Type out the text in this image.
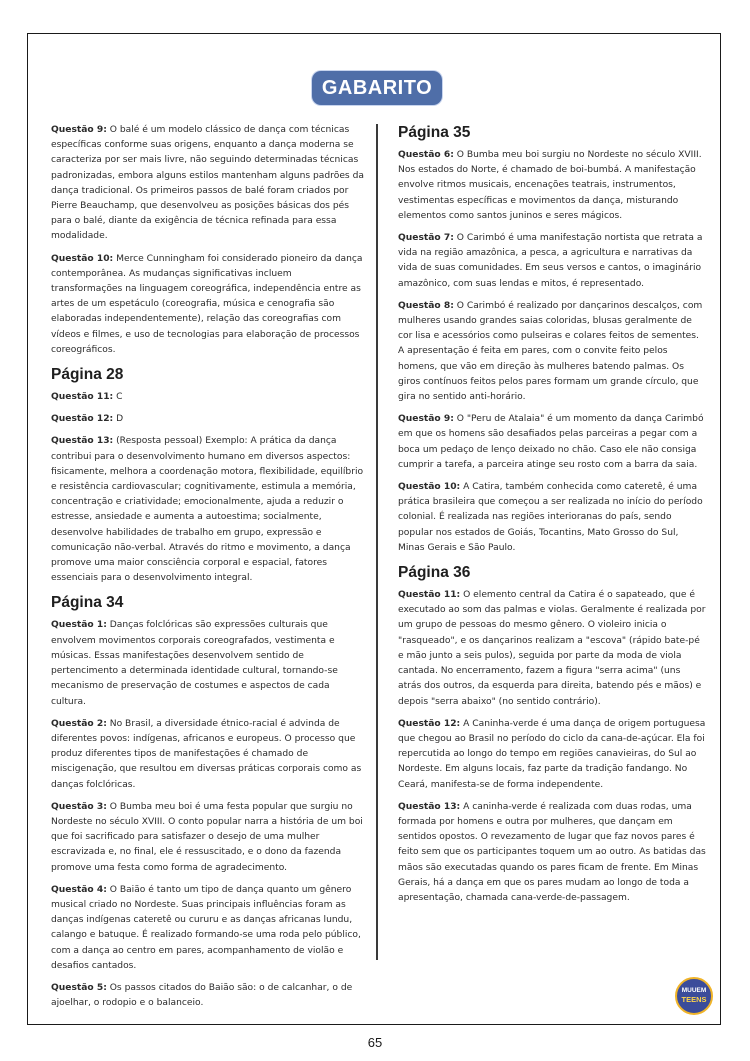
GABARITO

Questão 9: O balé é um modelo clássico de dança com técnicas específicas conforme suas origens, enquanto a dança moderna se caracteriza por ser mais livre, não seguindo determinadas técnicas padronizadas, embora alguns estilos mantenham alguns padrões da dança tradicional. Os primeiros passos de balé foram criados por Pierre Beauchamp, que desenvolveu as posições básicas dos pés para o balé, diante da exigência de técnica refinada para essa modalidade.

Questão 10: Merce Cunningham foi considerado pioneiro da dança contemporânea. As mudanças significativas incluem transformações na linguagem coreográfica, independência entre as artes de um espetáculo (coreografia, música e cenografia são elaboradas independentemente), relação das coreografias com vídeos e filmes, e uso de tecnologias para elaboração de processos coreográficos.

Página 28

Questão 11: C

Questão 12: D

Questão 13: (Resposta pessoal) Exemplo: A prática da dança contribui para o desenvolvimento humano em diversos aspectos: fisicamente, melhora a coordenação motora, flexibilidade, equilíbrio e resistência cardiovascular; cognitivamente, estimula a memória, concentração e criatividade; emocionalmente, ajuda a reduzir o estresse, ansiedade e aumenta a autoestima; socialmente, desenvolve habilidades de trabalho em grupo, expressão e comunicação não-verbal. Através do ritmo e movimento, a dança promove uma maior consciência corporal e espacial, fatores essenciais para o desenvolvimento integral.

Página 34

Questão 1: Danças folclóricas são expressões culturais que envolvem movimentos corporais coreografados, vestimenta e músicas. Essas manifestações desenvolvem sentido de pertencimento a determinada identidade cultural, tornando-se mecanismo de preservação de costumes e aspectos de cada cultura.

Questão 2: No Brasil, a diversidade étnico-racial é advinda de diferentes povos: indígenas, africanos e europeus. O processo que produz diferentes tipos de manifestações é chamado de miscigenação, que resultou em diversas práticas corporais como as danças folclóricas.

Questão 3: O Bumba meu boi é uma festa popular que surgiu no Nordeste no século XVIII. O conto popular narra a história de um boi que foi sacrificado para satisfazer o desejo de uma mulher escravizada e, no final, ele é ressuscitado, e o dono da fazenda promove uma festa como forma de agradecimento.

Questão 4: O Baião é tanto um tipo de dança quanto um gênero musical criado no Nordeste. Suas principais influências foram as danças indígenas cateretê ou cururu e as danças africanas lundu, calango e batuque. É realizado formando-se uma roda pelo público, com a dança ao centro em pares, acompanhamento de violão e desafios cantados.

Questão 5: Os passos citados do Baião são: o de calcanhar, o de ajoelhar, o rodopio e o balanceio.

Página 35

Questão 6: O Bumba meu boi surgiu no Nordeste no século XVIII. Nos estados do Norte, é chamado de boi-bumbá. A manifestação envolve ritmos musicais, encenações teatrais, instrumentos, vestimentas específicas e movimentos da dança, misturando elementos como santos juninos e seres mágicos.

Questão 7: O Carimbó é uma manifestação nortista que retrata a vida na região amazônica, a pesca, a agricultura e narrativas da vida de suas comunidades. Em seus versos e cantos, o imaginário amazônico, com suas lendas e mitos, é representado.

Questão 8: O Carimbó é realizado por dançarinos descalços, com mulheres usando grandes saias coloridas, blusas geralmente de cor lisa e acessórios como pulseiras e colares feitos de sementes. A apresentação é feita em pares, com o convite feito pelos homens, que vão em direção às mulheres batendo palmas. Os giros contínuos feitos pelos pares formam um grande círculo, que gira no sentido anti-horário.

Questão 9: O "Peru de Atalaia" é um momento da dança Carimbó em que os homens são desafiados pelas parceiras a pegar com a boca um pedaço de lenço deixado no chão. Caso ele não consiga cumprir a tarefa, a parceira atinge seu rosto com a barra da saia.

Questão 10: A Catira, também conhecida como cateretê, é uma prática brasileira que começou a ser realizada no início do período colonial. É realizada nas regiões interioranas do país, sendo popular nos estados de Goiás, Tocantins, Mato Grosso do Sul, Minas Gerais e São Paulo.

Página 36

Questão 11: O elemento central da Catira é o sapateado, que é executado ao som das palmas e violas. Geralmente é realizada por um grupo de pessoas do mesmo gênero. O violeiro inicia o "rasqueado", e os dançarinos realizam a "escova" (rápido bate-pé e mão junto a seis pulos), seguida por parte da moda de viola cantada. No encerramento, fazem a figura "serra acima" (uns atrás dos outros, da esquerda para direita, batendo pés e mãos) e depois "serra abaixo" (no sentido contrário).

Questão 12: A Caninha-verde é uma dança de origem portuguesa que chegou ao Brasil no período do ciclo da cana-de-açúcar. Ela foi repercutida ao longo do tempo em regiões canavieiras, do Sul ao Nordeste. Em alguns locais, faz parte da tradição fandango. No Ceará, manifesta-se de forma independente.

Questão 13: A caninha-verde é realizada com duas rodas, uma formada por homens e outra por mulheres, que dançam em sentidos opostos. O revezamento de lugar que faz novos pares é feito sem que os participantes toquem um ao outro. As batidas das mãos são executadas quando os pares ficam de frente. Em Minas Gerais, há a dança em que os pares mudam ao longo de toda a apresentação, chamada cana-verde-de-passagem.

MUUEM
TEENS
65
